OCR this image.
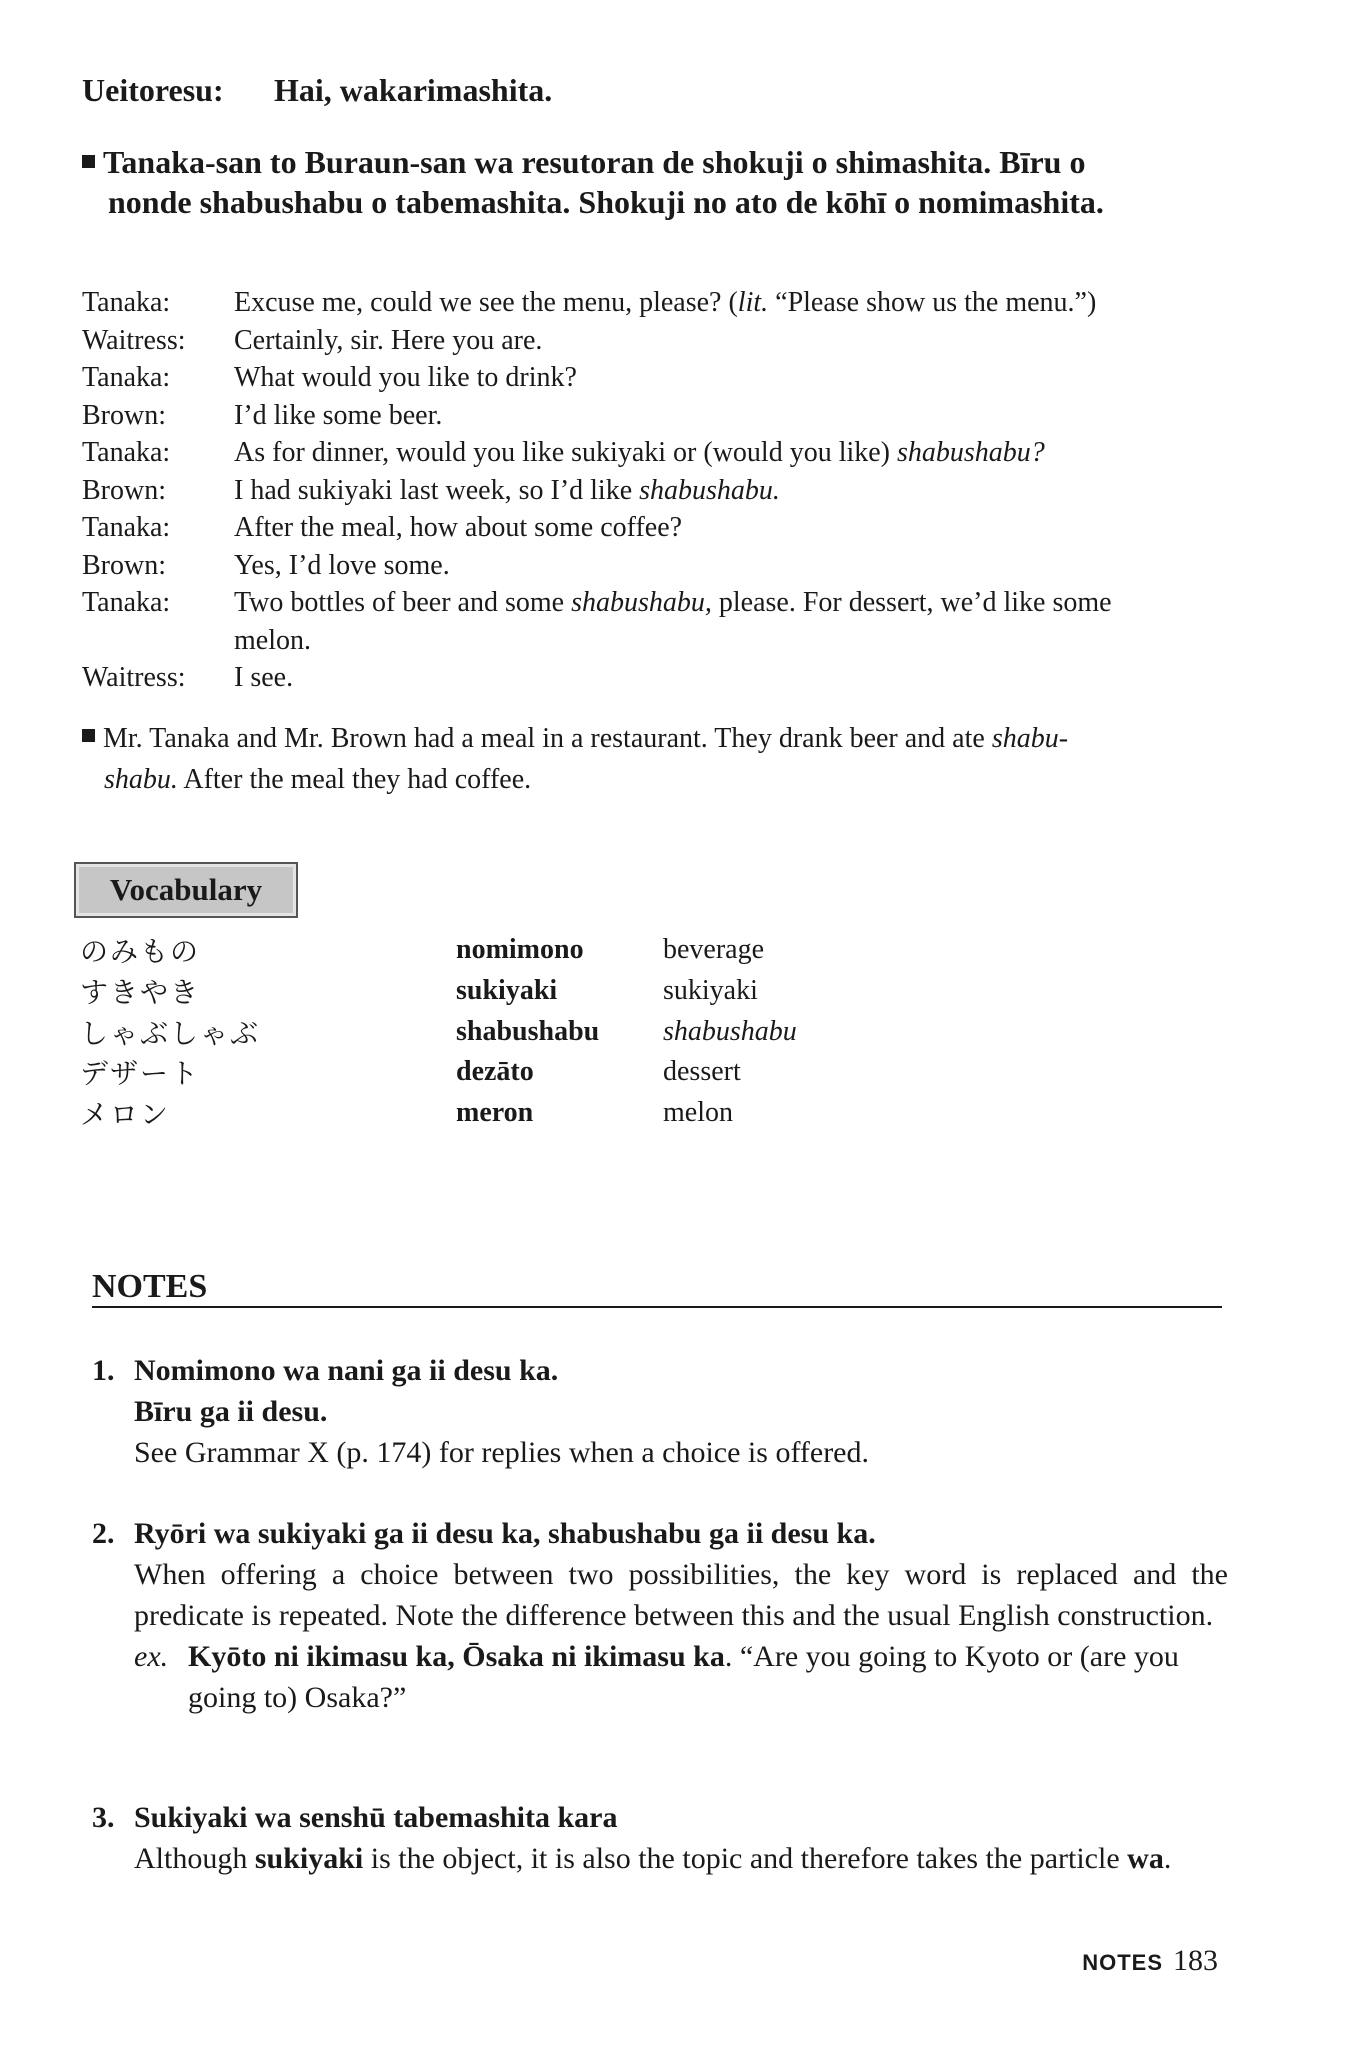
Ueitoresu: Hai, wakarimashita.
Tanaka-san to Buraun-san wa resutoran de shokuji o shimashita. Bīru o
nonde shabushabu o tabemashita. Shokuji no ato de kōhī o nomimashita.
Tanaka:	Excuse me, could we see the menu, please? (lit. “Please show us the menu.”)
Waitress:	Certainly, sir. Here you are.
Tanaka:	What would you like to drink?
Brown:	I’d like some beer.
Tanaka:	As for dinner, would you like sukiyaki or (would you like) shabushabu?
Brown:	I had sukiyaki last week, so I’d like shabushabu.
Tanaka:	After the meal, how about some coffee?
Brown:	Yes, I’d love some.
Tanaka:	Two bottles of beer and some shabushabu, please. For dessert, we’d like some
melon.
Waitress:	I see.
Mr. Tanaka and Mr. Brown had a meal in a restaurant. They drank beer and ate shabu-
shabu. After the meal they had coffee.
Vocabulary
のみもの	nomimono	beverage
すきやき	sukiyaki	sukiyaki
しゃぶしゃぶ	shabushabu	shabushabu
デザート	dezāto	dessert
メロン	meron	melon
NOTES
1. Nomimono wa nani ga ii desu ka.
Bīru ga ii desu.
See Grammar X (p. 174) for replies when a choice is offered.
2. Ryōri wa sukiyaki ga ii desu ka, shabushabu ga ii desu ka.
When offering a choice between two possibilities, the key word is replaced and the predicate is repeated. Note the difference between this and the usual English construction.
ex. Kyōto ni ikimasu ka, Ōsaka ni ikimasu ka. “Are you going to Kyoto or (are you going to) Osaka?”
3. Sukiyaki wa senshū tabemashita kara
Although sukiyaki is the object, it is also the topic and therefore takes the particle wa.
NOTES 183
